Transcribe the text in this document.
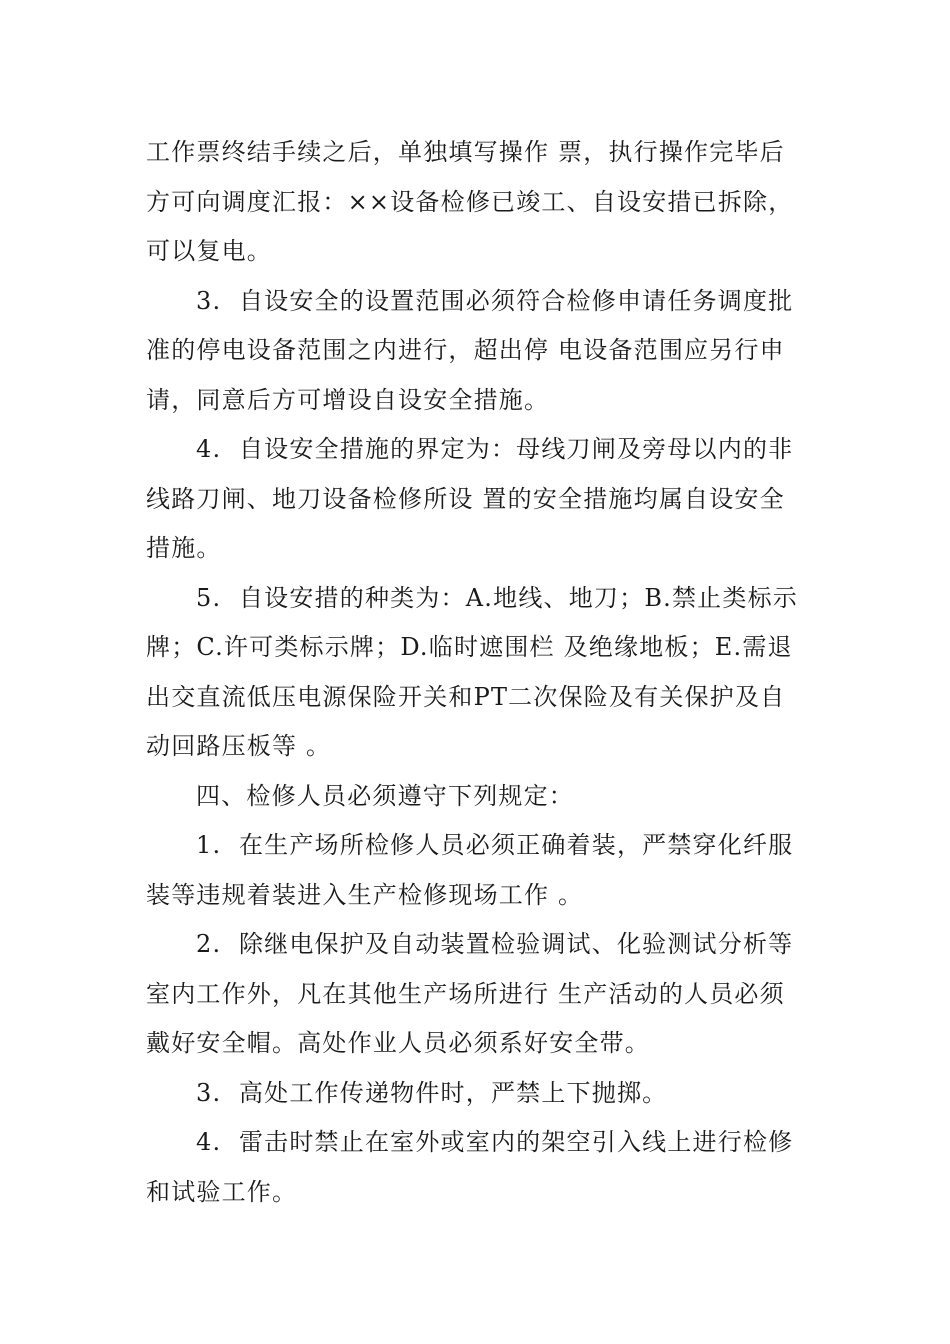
工作票终结手续之后，单独填写操作 票，执行操作完毕后
方可向调度汇报：××设备检修已竣工、自设安措已拆除，
可以复电。
3.  自设安全的设置范围必须符合检修申请任务调度批
准的停电设备范围之内进行，超出停 电设备范围应另行申
请，同意后方可增设自设安全措施。
4.  自设安全措施的界定为：母线刀闸及旁母以内的非
线路刀闸、地刀设备检修所设 置的安全措施均属自设安全
措施。
5.  自设安措的种类为：A.地线、地刀；B.禁止类标示
牌；C.许可类标示牌；D.临时遮围栏 及绝缘地板；E.需退
出交直流低压电源保险开关和PT二次保险及有关保护及自
动回路压板等 。
四、检修人员必须遵守下列规定：
1.  在生产场所检修人员必须正确着装，严禁穿化纤服
装等违规着装进入生产检修现场工作 。
2.  除继电保护及自动装置检验调试、化验测试分析等
室内工作外，凡在其他生产场所进行 生产活动的人员必须
戴好安全帽。高处作业人员必须系好安全带。
3.  高处工作传递物件时，严禁上下抛掷。
4.  雷击时禁止在室外或室内的架空引入线上进行检修
和试验工作。
